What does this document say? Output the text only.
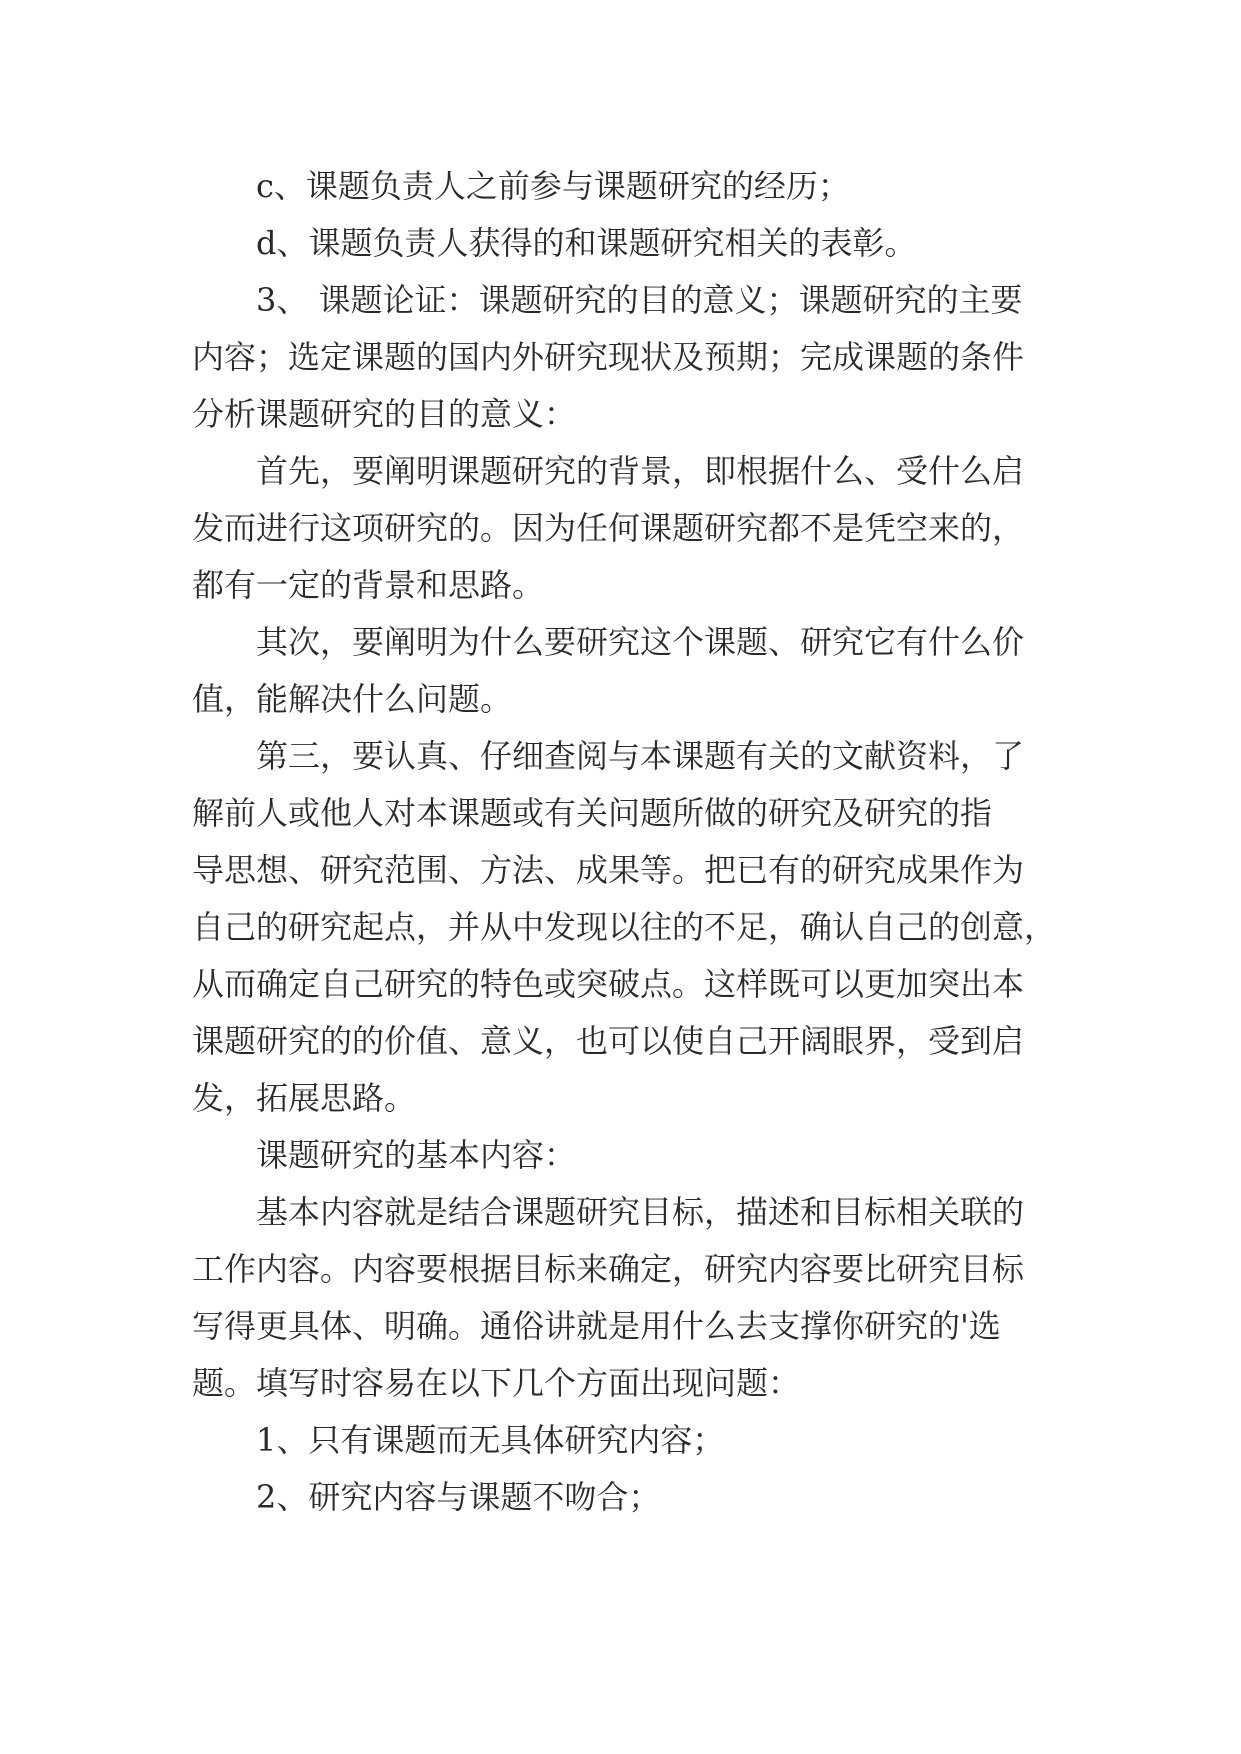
c、课题负责人之前参与课题研究的经历；
d、课题负责人获得的和课题研究相关的表彰。
3、 课题论证：课题研究的目的意义；课题研究的主要
内容；选定课题的国内外研究现状及预期；完成课题的条件
分析课题研究的目的意义：
首先，要阐明课题研究的背景，即根据什么、受什么启
发而进行这项研究的。因为任何课题研究都不是凭空来的，
都有一定的背景和思路。
其次，要阐明为什么要研究这个课题、研究它有什么价
值，能解决什么问题。
第三，要认真、仔细查阅与本课题有关的文献资料，了
解前人或他人对本课题或有关问题所做的研究及研究的指
导思想、研究范围、方法、成果等。把已有的研究成果作为
自己的研究起点，并从中发现以往的不足，确认自己的创意，
从而确定自己研究的特色或突破点。这样既可以更加突出本
课题研究的的价值、意义，也可以使自己开阔眼界，受到启
发，拓展思路。
课题研究的基本内容：
基本内容就是结合课题研究目标，描述和目标相关联的
工作内容。内容要根据目标来确定，研究内容要比研究目标
写得更具体、明确。通俗讲就是用什么去支撑你研究的'选
题。填写时容易在以下几个方面出现问题：
1、只有课题而无具体研究内容；
2、研究内容与课题不吻合；
